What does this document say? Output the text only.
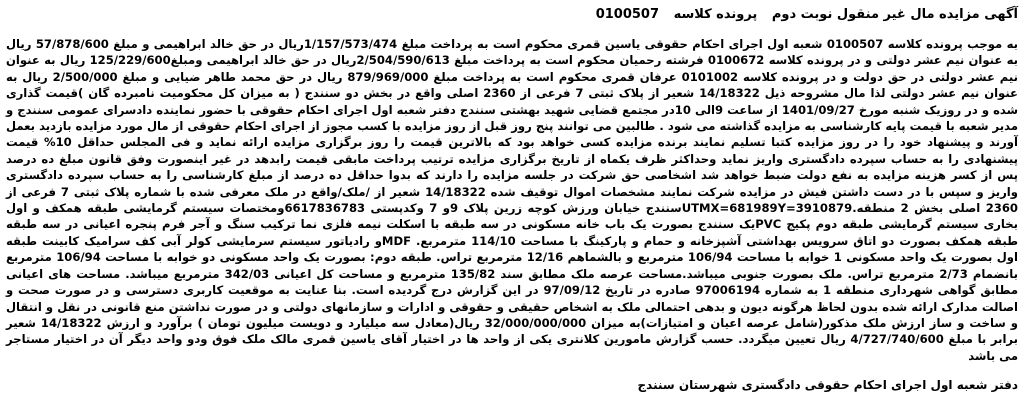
آگهی مزایده مال غیر منقول نوبت دوم پرونده کلاسه 0100507
به موجب پرونده کلاسه 0100507 شعبه اول اجرای احکام حقوقی یاسین قمری محکوم است به پرداخت مبلغ 1/157/573/474ریال در حق خالد ابراهیمی و مبلغ 57/878/600 ریال به عنوان نیم عشر دولتی و در پرونده کلاسه 0100672 فرشته رحمیان محکوم است به پرداخت مبلغ 2/504/590/613ریال در حق خالد ابراهیمی ومبلغ125/229/600 ریال به عنوان نیم عشر دولتی در حق دولت و در پرونده کلاسه 0101002 عرفان قمری محکوم است به پرداخت مبلغ 879/969/000 ریال در حق محمد طاهر ضیایی و مبلغ 2/500/000 ریال به عنوان نیم عشر دولتی لذا مال مشروحه ذیل 14/18322 شعیر از پلاک ثبتی 7 فرعی از 2360 اصلی واقع در بخش دو سنندج ( به میزان کل محکومیت نامبرده گان )قیمت گذاری شده و در روزیک شنبه مورخ 1401/09/27 از ساعت 9الی 10در مجتمع قضایی شهید بهشتی سنندج دفتر شعبه اول اجرای احکام حقوقی با حضور نماینده دادسرای عمومی سنندج و مدیر شعبه با قیمت پایه کارشناسی به مزایده گذاشته می شود . طالبین می توانند پنج روز قبل از روز مزایده با کسب مجوز از اجرای احکام حقوقی از مال مورد مزایده بازدید بعمل آورند و پیشنهاد خود را در روز مزایده کتبا تسلیم نمایند برنده مزایده کسی خواهد بود که بالاترین قیمت را روز برگزاری مزایده ارائه نماید و فی المجلس حداقل 10% قیمت پیشنهادی را به حساب سپرده دادگستری واریز نماید وحداکثر ظرف یکماه از تاریخ برگزاری مزایده ترتیب پرداخت مابقی قیمت رابدهد در غیر اینصورت وفق قانون مبلغ ده درصد پس از کسر هزینه مزایده به نفع دولت ضبط خواهد شد اشخاصی حق شرکت در جلسه مزایده را دارند که بدوا حداقل ده درصد از مبلغ کارشناسی را به حساب سپرده دادگستری واریز و سپس با در دست داشتن فیش در مزایده شرکت نمایند مشخصات اموال توقیف شده 14/18322 شعیر از /ملک/واقع در ملک معرفی شده با شماره پلاک ثبتی 7 فرعی از 2360 اصلی بخش 2 منطقه.UTMX=681989Y=3910879سنندج خیابان ورزش کوچه زرین پلاک 9و 7 وکدپستی 6617836783ومختصات سیستم گرمایشی طبقه همکف و اول بخاری سیستم گرمایشی طبقه دوم پکیج PVCیک سنندج بصورت یک باب خانه مسکونی در سه طبقه با اسکلت نیمه فلزی نما ترکیب سنگ و آجر فرم پنجره اعیانی در سه طبقه طبقه همکف بصورت دو اتاق سرویس بهداشتی آشپزخانه و حمام و پارکینگ با مساحت 114/10 مترمربع. MDFو رادیاتور سیستم سرمایشی کولر آبی کف سرامیک کابینت طبقه اول بصورت یک واحد مسکونی 1 خوابه با مساحت 106/94 مترمربع و بالشماهم 12/16 مترمربع تراس. طبقه دوم: بصورت یک واحد مسکونی دو خوابه با مساحت 106/94 مترمربع بانضمام 2/73 مترمربع تراس. ملک بصورت جنوبی میباشد.مساحت عرصه ملک مطابق سند 135/82 مترمربع و مساحت کل اعیانی 342/03 مترمربع میباشد. مساحت های اعیانی مطابق گواهی شهرداری منطقه 1 به شماره 97006194 صادره در تاریخ 97/09/12 در این گزارش درج گردیده است. بنا عنایت به موقعیت کاربری دسترسی و در صورت صحت و اصالت مدارک ارائه شده بدون لحاظ هرگونه دیون و بدهی احتمالی ملک به اشخاص حقیقی و حقوقی و ادارات و سازمانهای دولتی و در صورت نداشتن منع قانونی در نقل و انتقال و ساخت و ساز ارزش ملک مذکور(شامل عرصه اعیان و امتیازات)به میزان 32/000/000/000 ریال(معادل سه میلیارد و دویست میلیون تومان ) برآورد و ارزش 14/18322 شعیر برابر با مبلغ 4/727/740/600 ریال تعیین میگردد. حسب گزارش مامورین کلانتری یکی از واحد ها در اختیار آقای یاسین قمری مالک ملک فوق ودو واحد دیگر آن در اختیار مستاجر می باشد
دفتر شعبه اول اجرای احکام حقوقی دادگستری شهرستان سنندج
